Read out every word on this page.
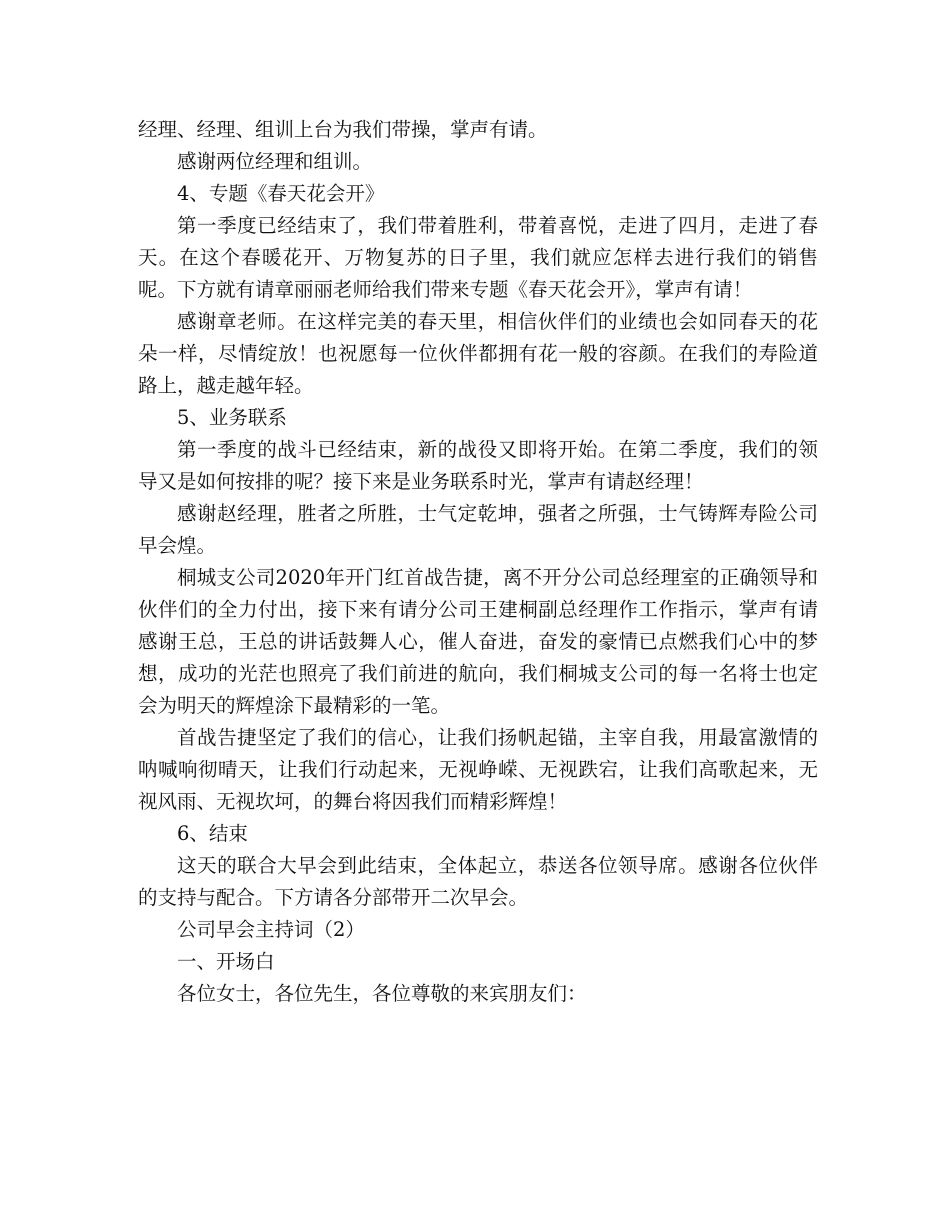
经理、经理、组训上台为我们带操，掌声有请。

感谢两位经理和组训。

4、专题《春天花会开》

第一季度已经结束了，我们带着胜利，带着喜悦，走进了四月，走进了春天。在这个春暖花开、万物复苏的日子里，我们就应怎样去进行我们的销售呢。下方就有请章丽丽老师给我们带来专题《春天花会开》，掌声有请！

感谢章老师。在这样完美的春天里，相信伙伴们的业绩也会如同春天的花朵一样，尽情绽放！也祝愿每一位伙伴都拥有花一般的容颜。在我们的寿险道路上，越走越年轻。

5、业务联系

第一季度的战斗已经结束，新的战役又即将开始。在第二季度，我们的领导又是如何按排的呢？接下来是业务联系时光，掌声有请赵经理！

感谢赵经理，胜者之所胜，士气定乾坤，强者之所强，士气铸辉寿险公司早会煌。

桐城支公司2020年开门红首战告捷，离不开分公司总经理室的正确领导和伙伴们的全力付出，接下来有请分公司王建桐副总经理作工作指示，掌声有请感谢王总，王总的讲话鼓舞人心，催人奋进，奋发的豪情已点燃我们心中的梦想，成功的光茫也照亮了我们前进的航向，我们桐城支公司的每一名将士也定会为明天的辉煌涂下最精彩的一笔。

首战告捷坚定了我们的信心，让我们扬帆起锚，主宰自我，用最富激情的呐喊响彻晴天，让我们行动起来，无视峥嵘、无视跌宕，让我们高歌起来，无视风雨、无视坎坷，的舞台将因我们而精彩辉煌！

6、结束

这天的联合大早会到此结束，全体起立，恭送各位领导席。感谢各位伙伴的支持与配合。下方请各分部带开二次早会。

公司早会主持词（2）

一、开场白

各位女士，各位先生，各位尊敬的来宾朋友们：
